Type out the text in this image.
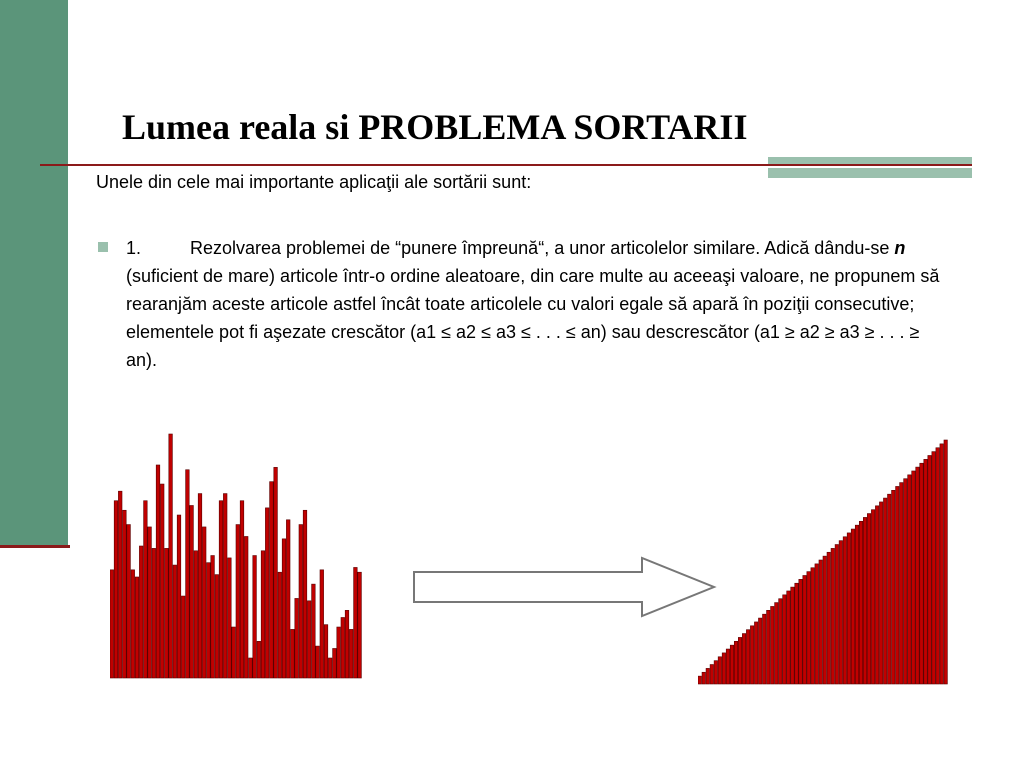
Lumea reala si PROBLEMA SORTARII
Unele din cele mai importante aplicaţii ale sortării sunt:
1.	Rezolvarea problemei de “punere împreună“, a unor articolelor similare. Adică dându-se n (suficient de mare) articole într-o ordine aleatoare, din care multe au aceeaşi valoare, ne propunem să rearanjăm aceste articole astfel încât toate articolele cu valori egale să apară în poziţii consecutive; elementele pot fi aşezate crescător (a1 ≤ a2 ≤ a3 ≤ . . . ≤ an) sau descrescător (a1 ≥ a2 ≥ a3 ≥ . . . ≥ an).
